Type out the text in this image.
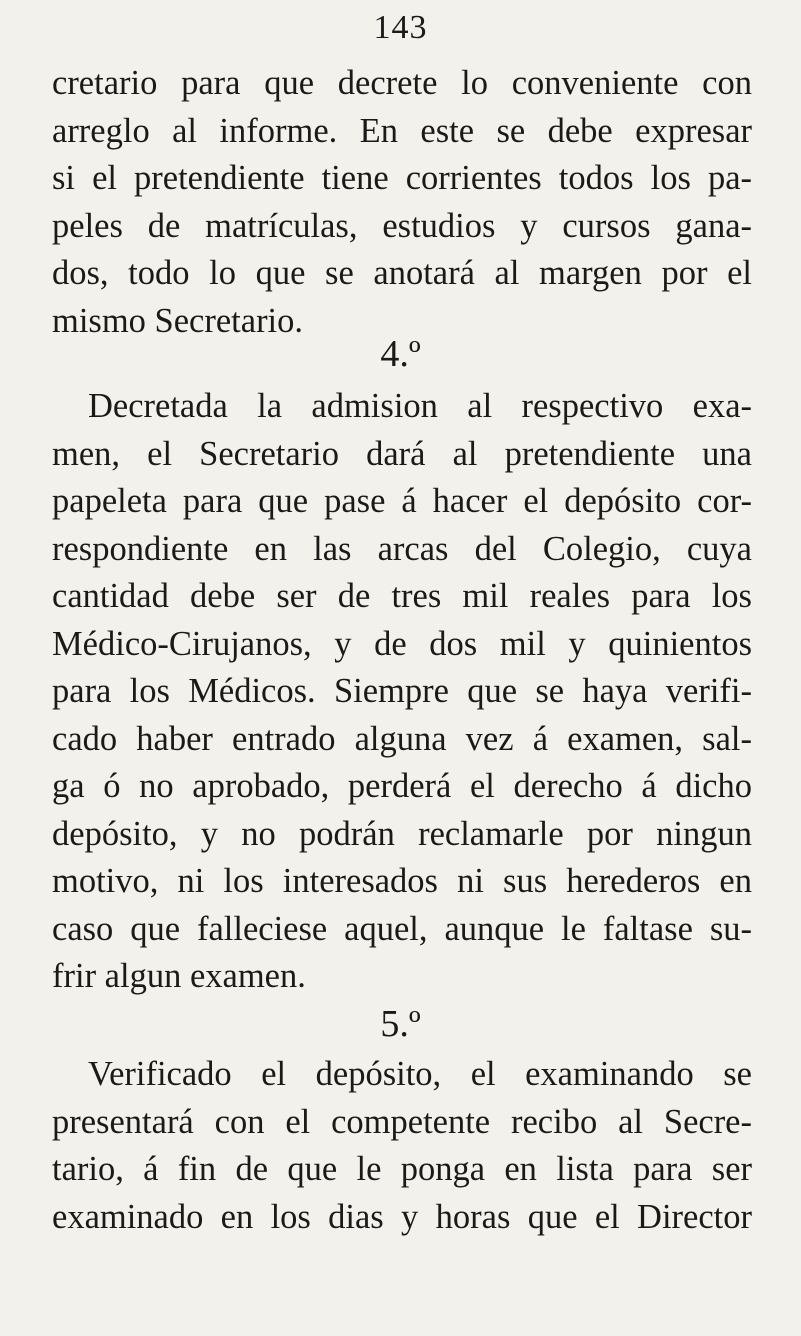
143
cretario para que decrete lo conveniente con
arreglo al informe. En este se debe expresar
si el pretendiente tiene corrientes todos los pa-
peles de matrículas, estudios y cursos gana-
dos, todo lo que se anotará al margen por el
mismo Secretario.
4.º
Decretada la admision al respectivo exa-
men, el Secretario dará al pretendiente una
papeleta para que pase á hacer el depósito cor-
respondiente en las arcas del Colegio, cuya
cantidad debe ser de tres mil reales para los
Médico-Cirujanos, y de dos mil y quinientos
para los Médicos. Siempre que se haya verifi-
cado haber entrado alguna vez á examen, sal-
ga ó no aprobado, perderá el derecho á dicho
depósito, y no podrán reclamarle por ningun
motivo, ni los interesados ni sus herederos en
caso que falleciese aquel, aunque le faltase su-
frir algun examen.
5.º
Verificado el depósito, el examinando se
presentará con el competente recibo al Secre-
tario, á fin de que le ponga en lista para ser
examinado en los dias y horas que el Director
